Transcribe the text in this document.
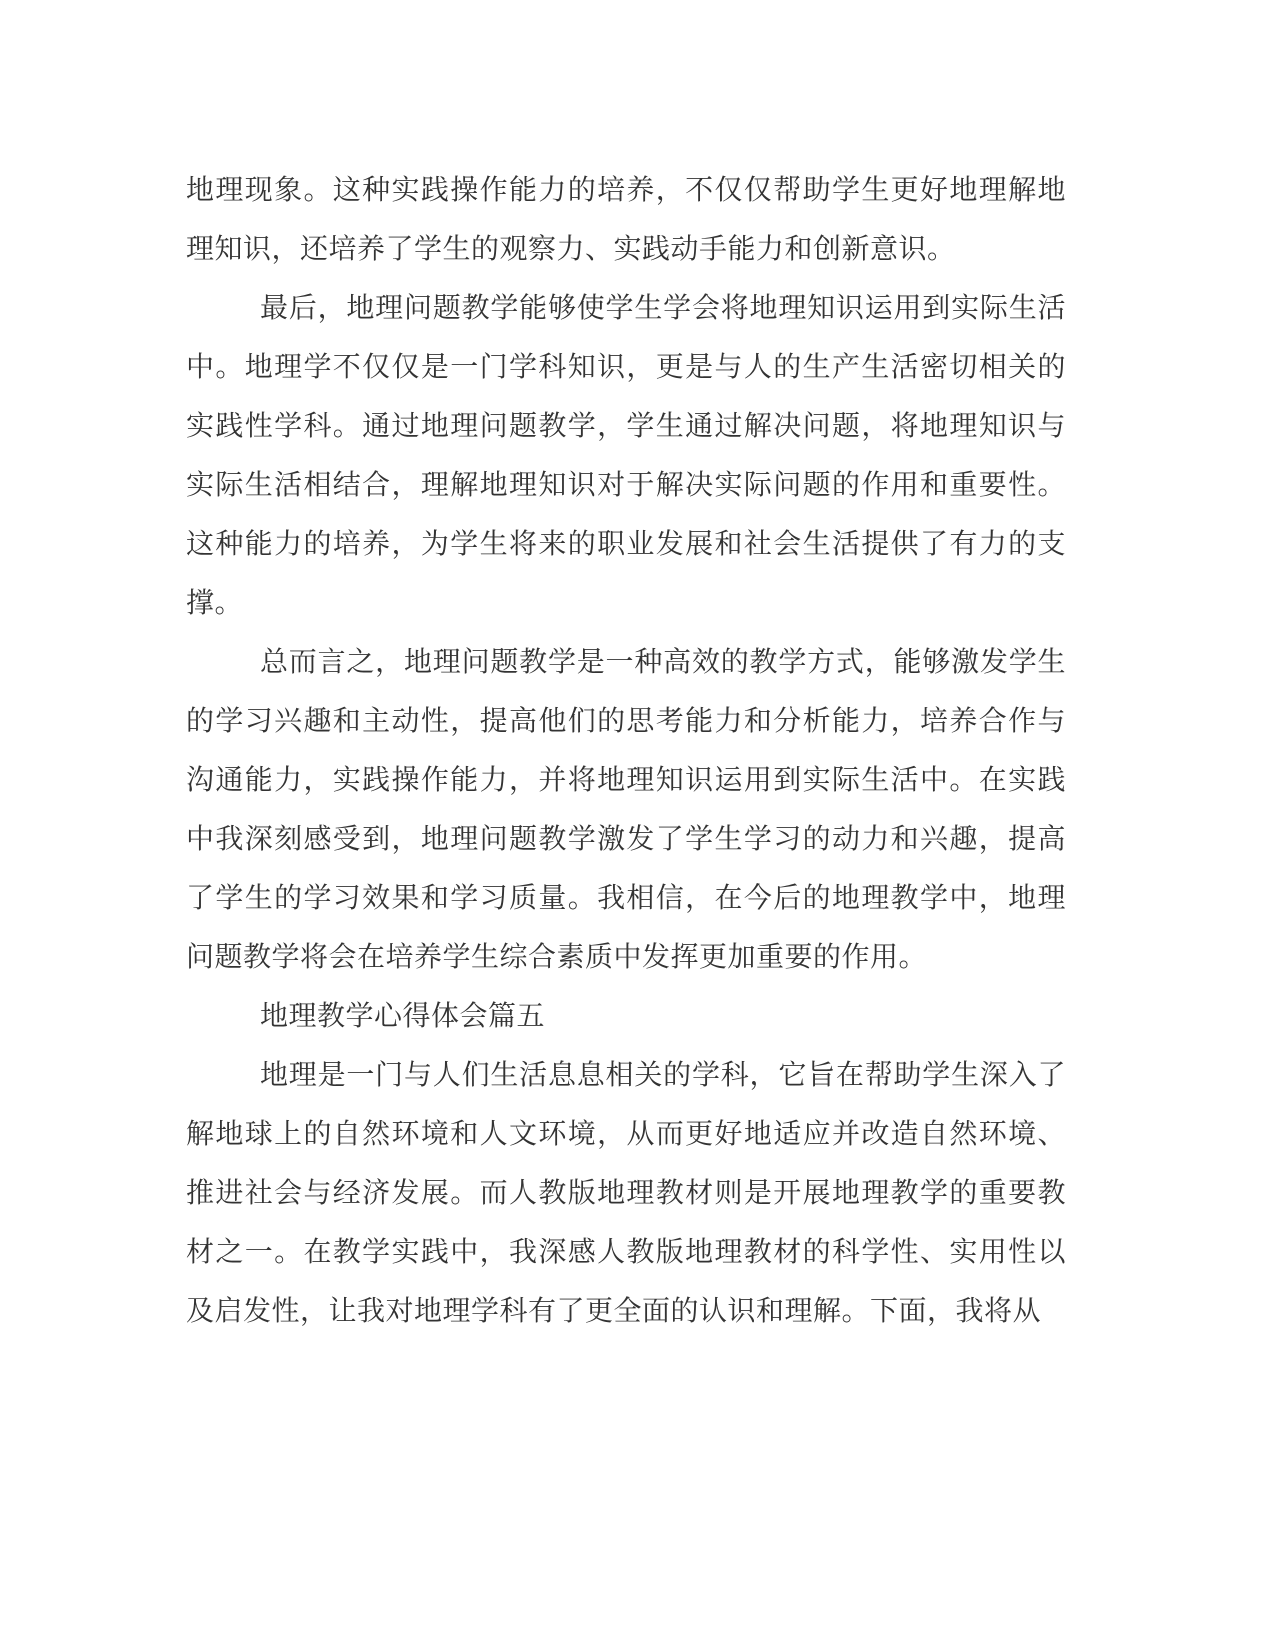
地理现象。这种实践操作能力的培养，不仅仅帮助学生更好地理解地理知识，还培养了学生的观察力、实践动手能力和创新意识。

最后，地理问题教学能够使学生学会将地理知识运用到实际生活中。地理学不仅仅是一门学科知识，更是与人的生产生活密切相关的实践性学科。通过地理问题教学，学生通过解决问题，将地理知识与实际生活相结合，理解地理知识对于解决实际问题的作用和重要性。这种能力的培养，为学生将来的职业发展和社会生活提供了有力的支撑。

总而言之，地理问题教学是一种高效的教学方式，能够激发学生的学习兴趣和主动性，提高他们的思考能力和分析能力，培养合作与沟通能力，实践操作能力，并将地理知识运用到实际生活中。在实践中我深刻感受到，地理问题教学激发了学生学习的动力和兴趣，提高了学生的学习效果和学习质量。我相信，在今后的地理教学中，地理问题教学将会在培养学生综合素质中发挥更加重要的作用。

地理教学心得体会篇五

地理是一门与人们生活息息相关的学科，它旨在帮助学生深入了解地球上的自然环境和人文环境，从而更好地适应并改造自然环境、推进社会与经济发展。而人教版地理教材则是开展地理教学的重要教材之一。在教学实践中，我深感人教版地理教材的科学性、实用性以及启发性，让我对地理学科有了更全面的认识和理解。下面，我将从
